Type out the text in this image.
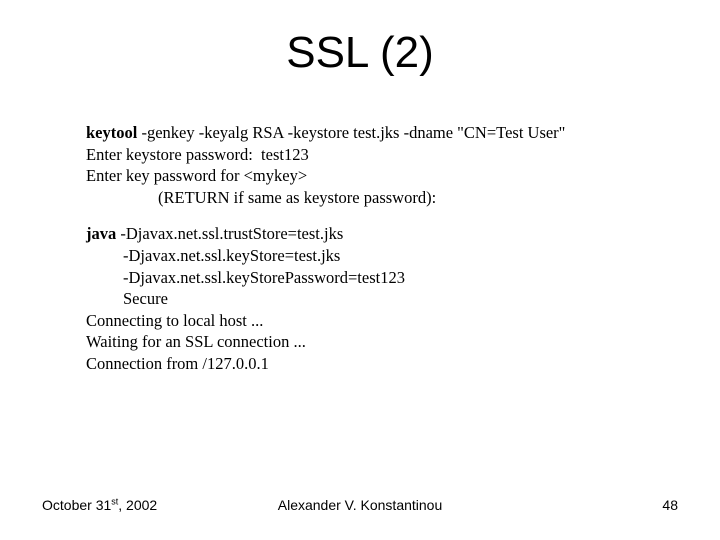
SSL (2)
keytool -genkey -keyalg RSA -keystore test.jks -dname "CN=Test User"
Enter keystore password:  test123
Enter key password for <mykey>
(RETURN if same as keystore password):
java -Djavax.net.ssl.trustStore=test.jks
-Djavax.net.ssl.keyStore=test.jks
-Djavax.net.ssl.keyStorePassword=test123
Secure
Connecting to local host ...
Waiting for an SSL connection ...
Connection from /127.0.0.1
October 31st, 2002	Alexander V. Konstantinou	48
